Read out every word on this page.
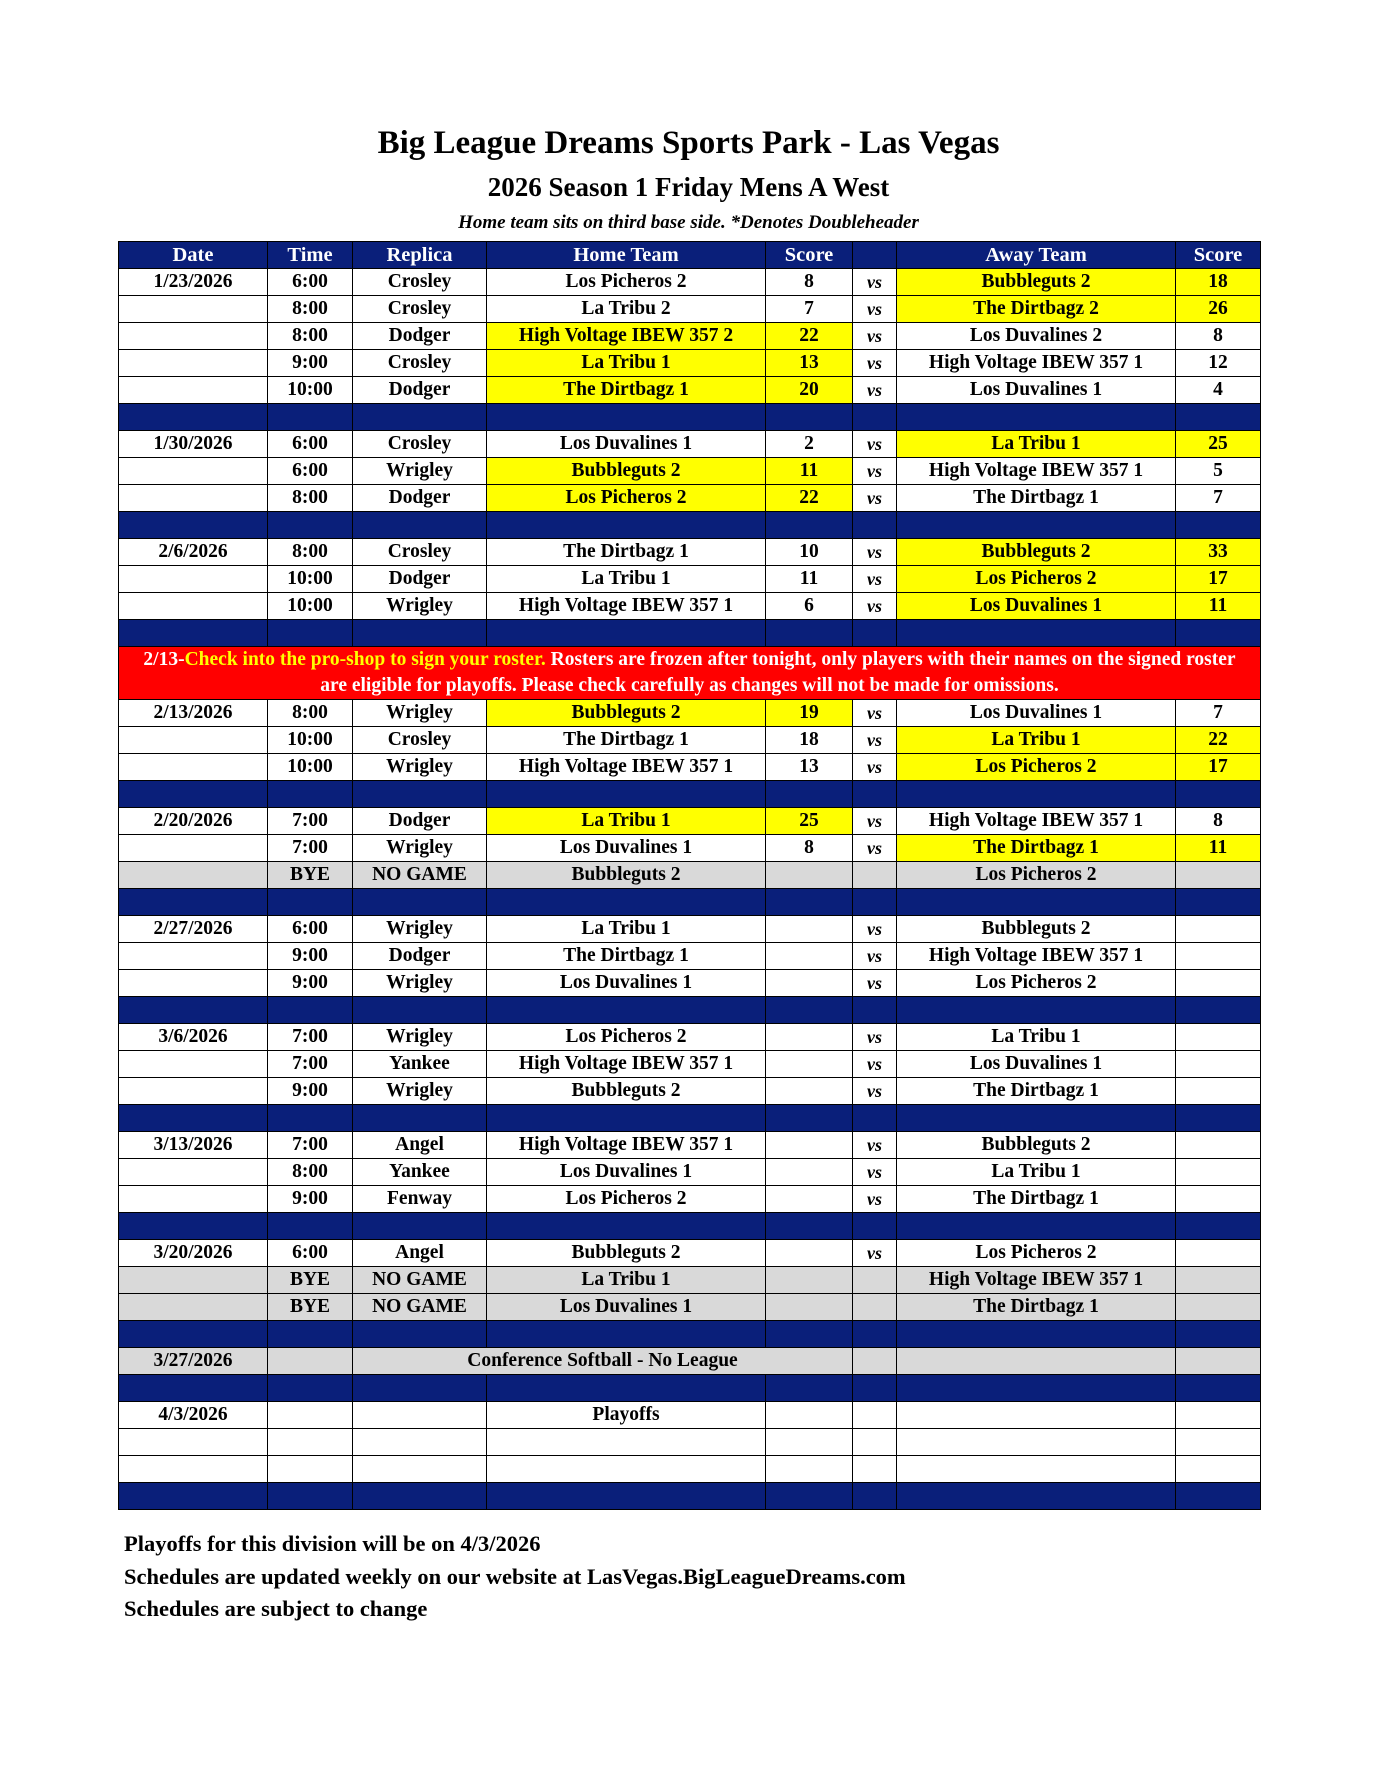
Big League Dreams Sports Park - Las Vegas
2026 Season 1 Friday Mens A West
Home team sits on third base side. *Denotes Doubleheader
Date	Time	Replica	Home Team	Score		Away Team	Score
1/23/2026	6:00	Crosley	Los Picheros 2	8	vs	Bubbleguts 2	18
	8:00	Crosley	La Tribu 2	7	vs	The Dirtbagz 2	26
	8:00	Dodger	High Voltage IBEW 357 2	22	vs	Los Duvalines 2	8
	9:00	Crosley	La Tribu 1	13	vs	High Voltage IBEW 357 1	12
	10:00	Dodger	The Dirtbagz 1	20	vs	Los Duvalines 1	4

1/30/2026	6:00	Crosley	Los Duvalines 1	2	vs	La Tribu 1	25
	6:00	Wrigley	Bubbleguts 2	11	vs	High Voltage IBEW 357 1	5
	8:00	Dodger	Los Picheros 2	22	vs	The Dirtbagz 1	7

2/6/2026	8:00	Crosley	The Dirtbagz 1	10	vs	Bubbleguts 2	33
	10:00	Dodger	La Tribu 1	11	vs	Los Picheros 2	17
	10:00	Wrigley	High Voltage IBEW 357 1	6	vs	Los Duvalines 1	11

2/13-Check into the pro-shop to sign your roster. Rosters are frozen after tonight, only players with their names on the signed roster are eligible for playoffs. Please check carefully as changes will not be made for omissions.							
2/13/2026	8:00	Wrigley	Bubbleguts 2	19	vs	Los Duvalines 1	7
	10:00	Crosley	The Dirtbagz 1	18	vs	La Tribu 1	22
	10:00	Wrigley	High Voltage IBEW 357 1	13	vs	Los Picheros 2	17

2/20/2026	7:00	Dodger	La Tribu 1	25	vs	High Voltage IBEW 357 1	8
	7:00	Wrigley	Los Duvalines 1	8	vs	The Dirtbagz 1	11
	BYE	NO GAME	Bubbleguts 2			Los Picheros 2	

2/27/2026	6:00	Wrigley	La Tribu 1		vs	Bubbleguts 2	
	9:00	Dodger	The Dirtbagz 1		vs	High Voltage IBEW 357 1	
	9:00	Wrigley	Los Duvalines 1		vs	Los Picheros 2	

3/6/2026	7:00	Wrigley	Los Picheros 2		vs	La Tribu 1	
	7:00	Yankee	High Voltage IBEW 357 1		vs	Los Duvalines 1	
	9:00	Wrigley	Bubbleguts 2		vs	The Dirtbagz 1	

3/13/2026	7:00	Angel	High Voltage IBEW 357 1		vs	Bubbleguts 2	
	8:00	Yankee	Los Duvalines 1		vs	La Tribu 1	
	9:00	Fenway	Los Picheros 2		vs	The Dirtbagz 1	

3/20/2026	6:00	Angel	Bubbleguts 2		vs	Los Picheros 2	
	BYE	NO GAME	La Tribu 1			High Voltage IBEW 357 1	
	BYE	NO GAME	Los Duvalines 1			The Dirtbagz 1	

3/27/2026		Conference Softball - No League					

4/3/2026			Playoffs				

Playoffs for this division will be on 4/3/2026
Schedules are updated weekly on our website at LasVegas.BigLeagueDreams.com
Schedules are subject to change
